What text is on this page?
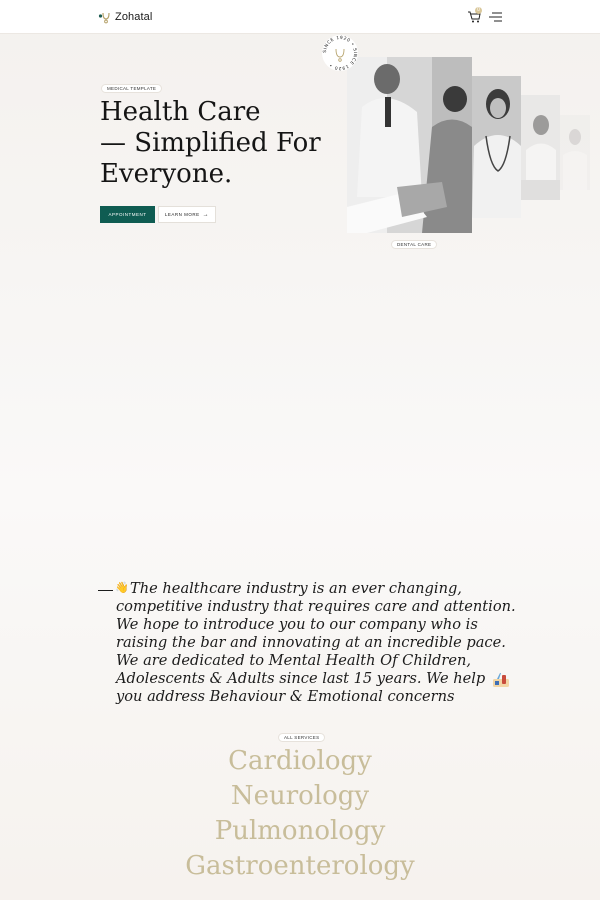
Zohatal
0
MEDICAL TEMPLATE
Health Care
— Simplified For
Everyone.
APPOINTMENT	LEARN MORE →
SINCE 1920 • SINCE 1920 •
DENTAL CARE
👋 The healthcare industry is an ever changing, competitive industry that requires care and attention. We hope to introduce you to our company who is raising the bar and innovating at an incredible pace. We are dedicated to Mental Health Of Children, Adolescents & Adults since last 15 years. We help you address Behaviour & Emotional concerns

ALL SERVICES
Cardiology
Neurology
Pulmonology
Gastroenterology
